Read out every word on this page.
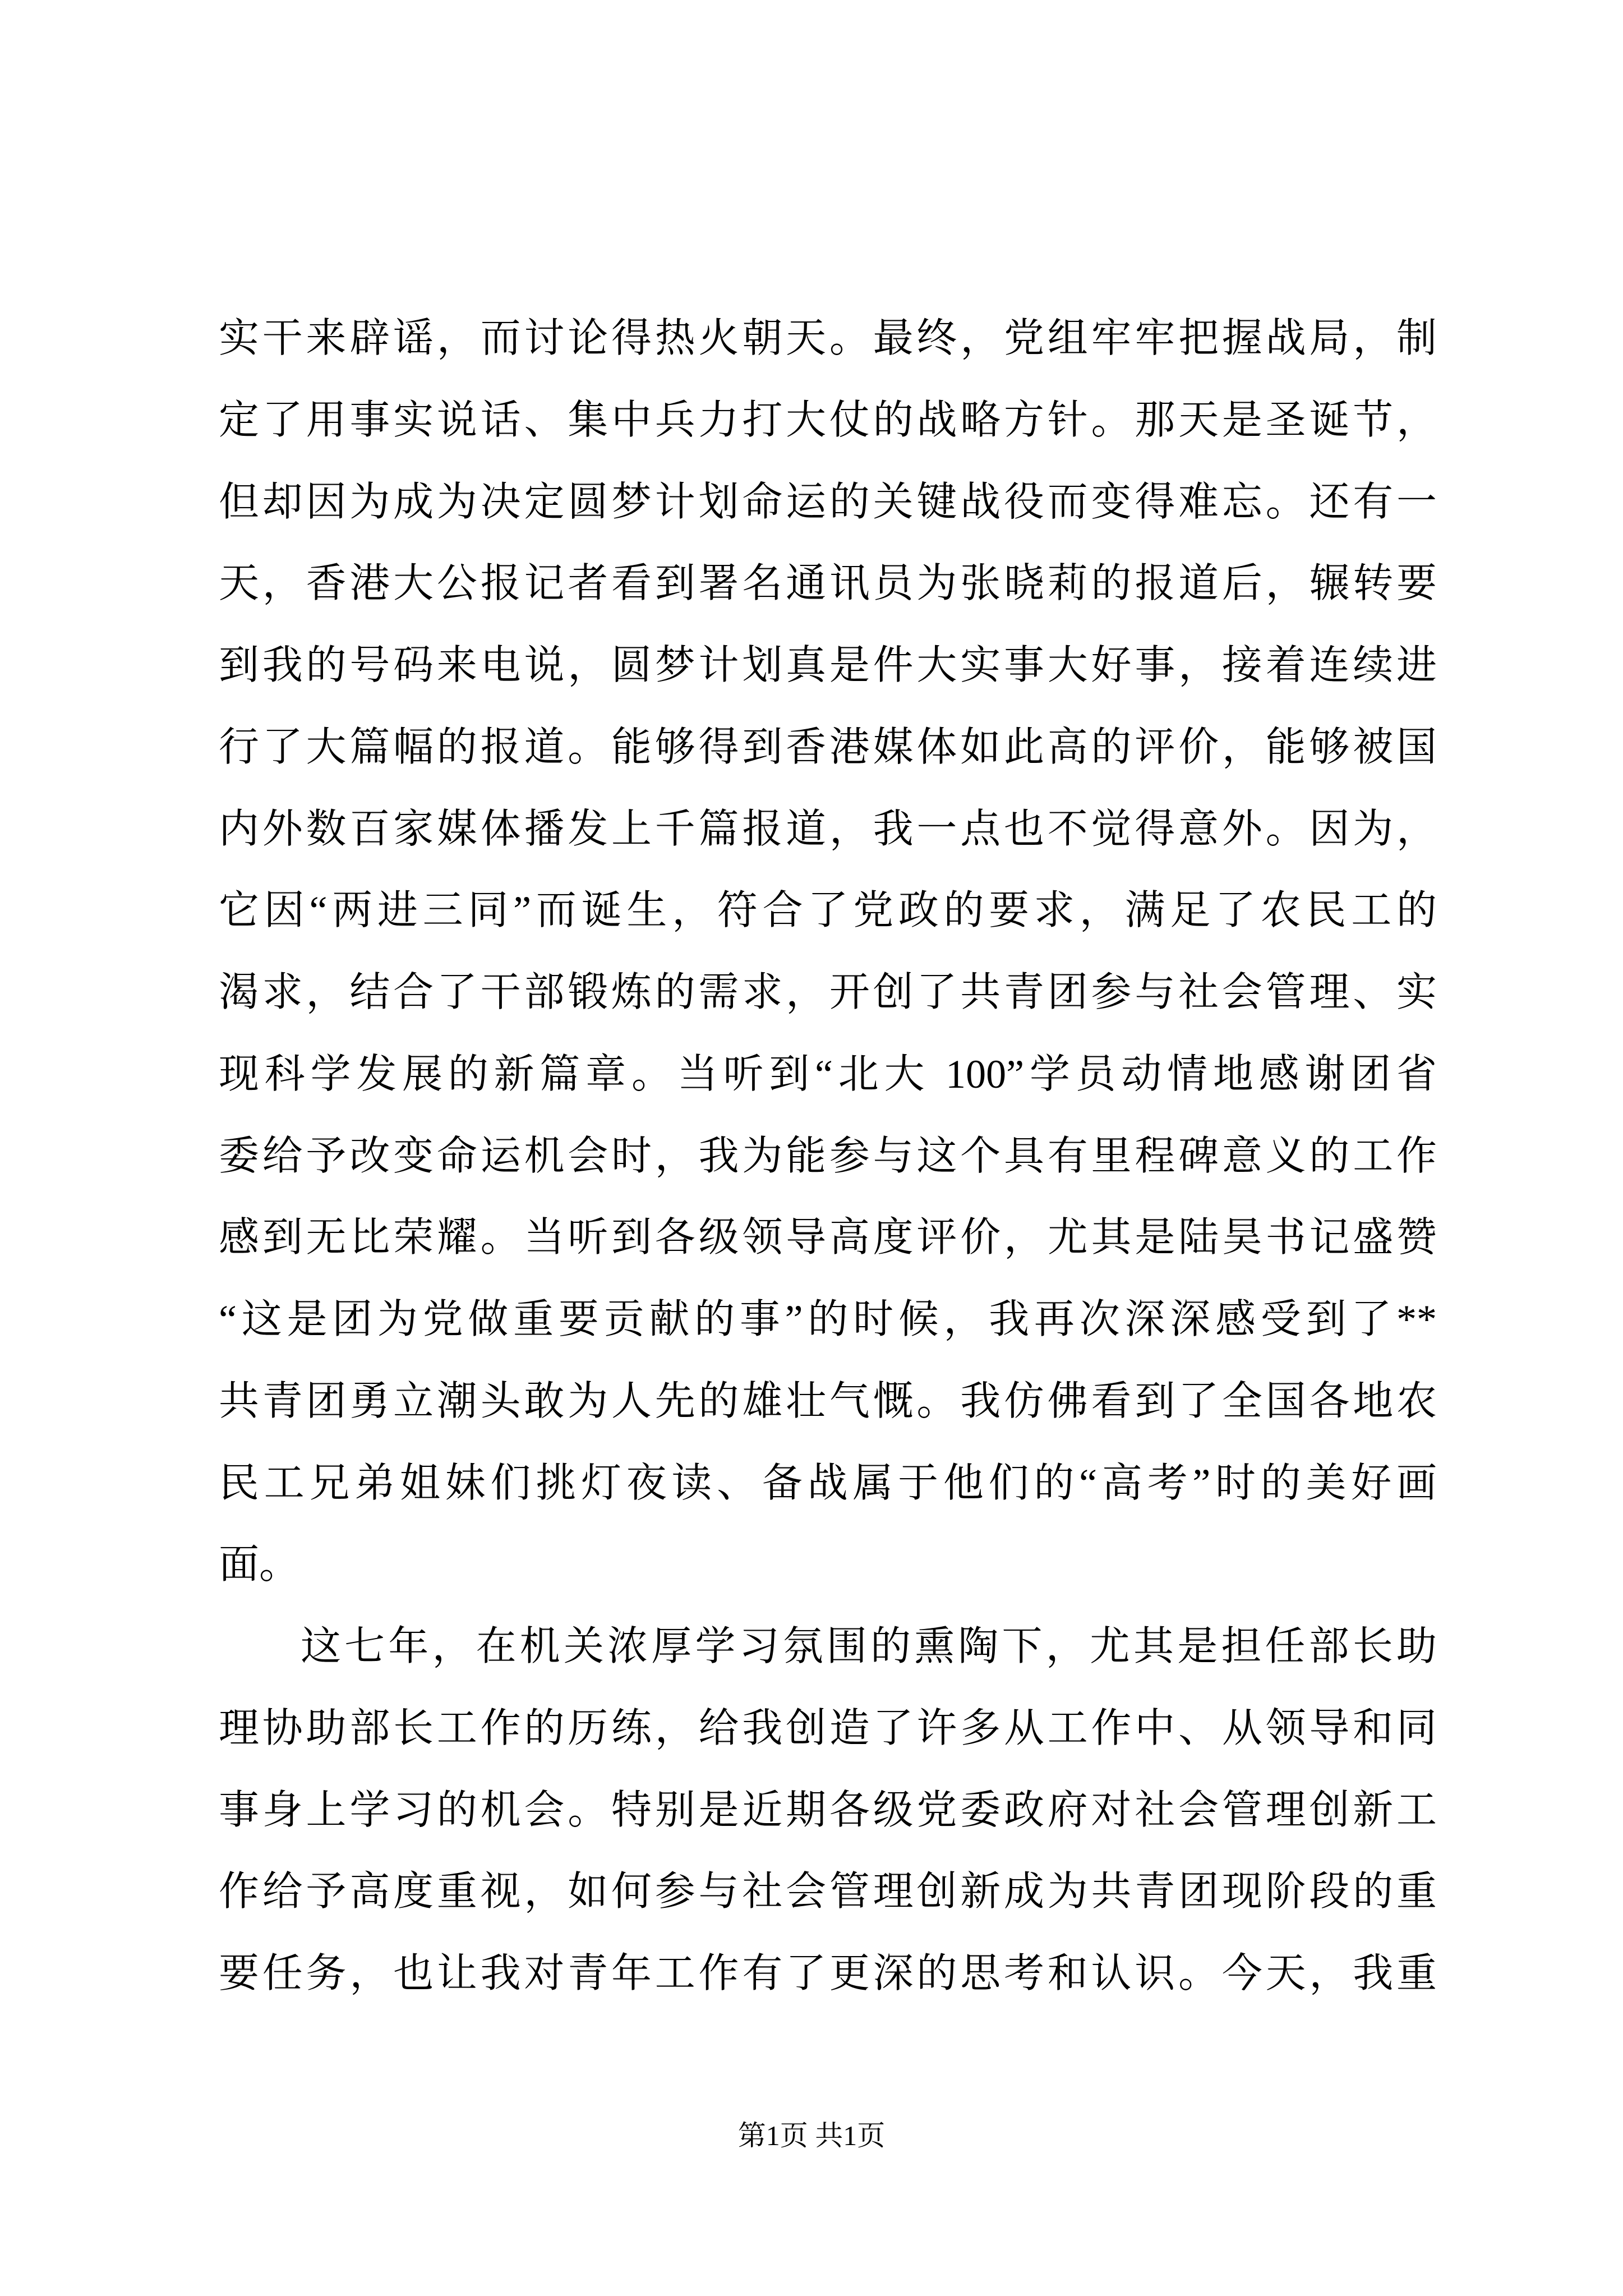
实干来辟谣，而讨论得热火朝天。最终，党组牢牢把握战局，制
定了用事实说话、集中兵力打大仗的战略方针。那天是圣诞节，
但却因为成为决定圆梦计划命运的关键战役而变得难忘。还有一
天，香港大公报记者看到署名通讯员为张晓莉的报道后，辗转要
到我的号码来电说，圆梦计划真是件大实事大好事，接着连续进
行了大篇幅的报道。能够得到香港媒体如此高的评价，能够被国
内外数百家媒体播发上千篇报道，我一点也不觉得意外。因为，
它因“两进三同”而诞生，符合了党政的要求，满足了农民工的
渴求，结合了干部锻炼的需求，开创了共青团参与社会管理、实
现科学发展的新篇章。当听到“北大 100”学员动情地感谢团省
委给予改变命运机会时，我为能参与这个具有里程碑意义的工作
感到无比荣耀。当听到各级领导高度评价，尤其是陆昊书记盛赞
“这是团为党做重要贡献的事”的时候，我再次深深感受到了**
共青团勇立潮头敢为人先的雄壮气慨。我仿佛看到了全国各地农
民工兄弟姐妹们挑灯夜读、备战属于他们的“高考”时的美好画
面。
这七年，在机关浓厚学习氛围的熏陶下，尤其是担任部长助
理协助部长工作的历练，给我创造了许多从工作中、从领导和同
事身上学习的机会。特别是近期各级党委政府对社会管理创新工
作给予高度重视，如何参与社会管理创新成为共青团现阶段的重
要任务，也让我对青年工作有了更深的思考和认识。今天，我重
第1页 共1页
